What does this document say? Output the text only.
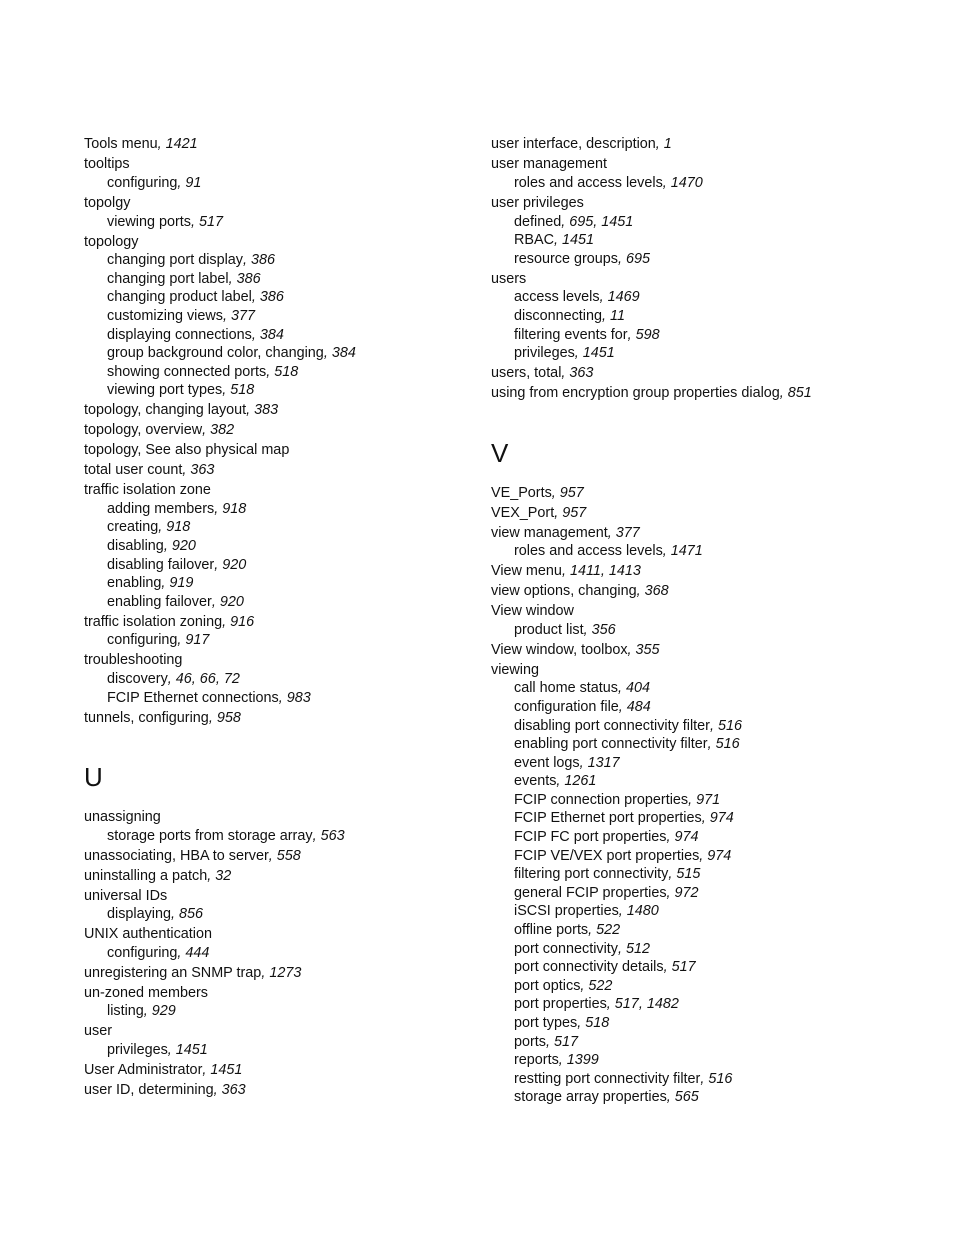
Tools menu, 1421
tooltips
configuring, 91
topolgy
viewing ports, 517
topology
changing port display, 386
changing port label, 386
changing product label, 386
customizing views, 377
displaying connections, 384
group background color, changing, 384
showing connected ports, 518
viewing port types, 518
topology, changing layout, 383
topology, overview, 382
topology, See also physical map
total user count, 363
traffic isolation zone
adding members, 918
creating, 918
disabling, 920
disabling failover, 920
enabling, 919
enabling failover, 920
traffic isolation zoning, 916
configuring, 917
troubleshooting
discovery, 46, 66, 72
FCIP Ethernet connections, 983
tunnels, configuring, 958
U
unassigning
storage ports from storage array, 563
unassociating, HBA to server, 558
uninstalling a patch, 32
universal IDs
displaying, 856
UNIX authentication
configuring, 444
unregistering an SNMP trap, 1273
un-zoned members
listing, 929
user
privileges, 1451
User Administrator, 1451
user ID, determining, 363
user interface, description, 1
user management
roles and access levels, 1470
user privileges
defined, 695, 1451
RBAC, 1451
resource groups, 695
users
access levels, 1469
disconnecting, 11
filtering events for, 598
privileges, 1451
users, total, 363
using from encryption group properties dialog, 851
V
VE_Ports, 957
VEX_Port, 957
view management, 377
roles and access levels, 1471
View menu, 1411, 1413
view options, changing, 368
View window
product list, 356
View window, toolbox, 355
viewing
call home status, 404
configuration file, 484
disabling port connectivity filter, 516
enabling port connectivity filter, 516
event logs, 1317
events, 1261
FCIP connection properties, 971
FCIP Ethernet port properties, 974
FCIP FC port properties, 974
FCIP VE/VEX port properties, 974
filtering port connectivity, 515
general FCIP properties, 972
iSCSI properties, 1480
offline ports, 522
port connectivity, 512
port connectivity details, 517
port optics, 522
port properties, 517, 1482
port types, 518
ports, 517
reports, 1399
restting port connectivity filter, 516
storage array properties, 565
